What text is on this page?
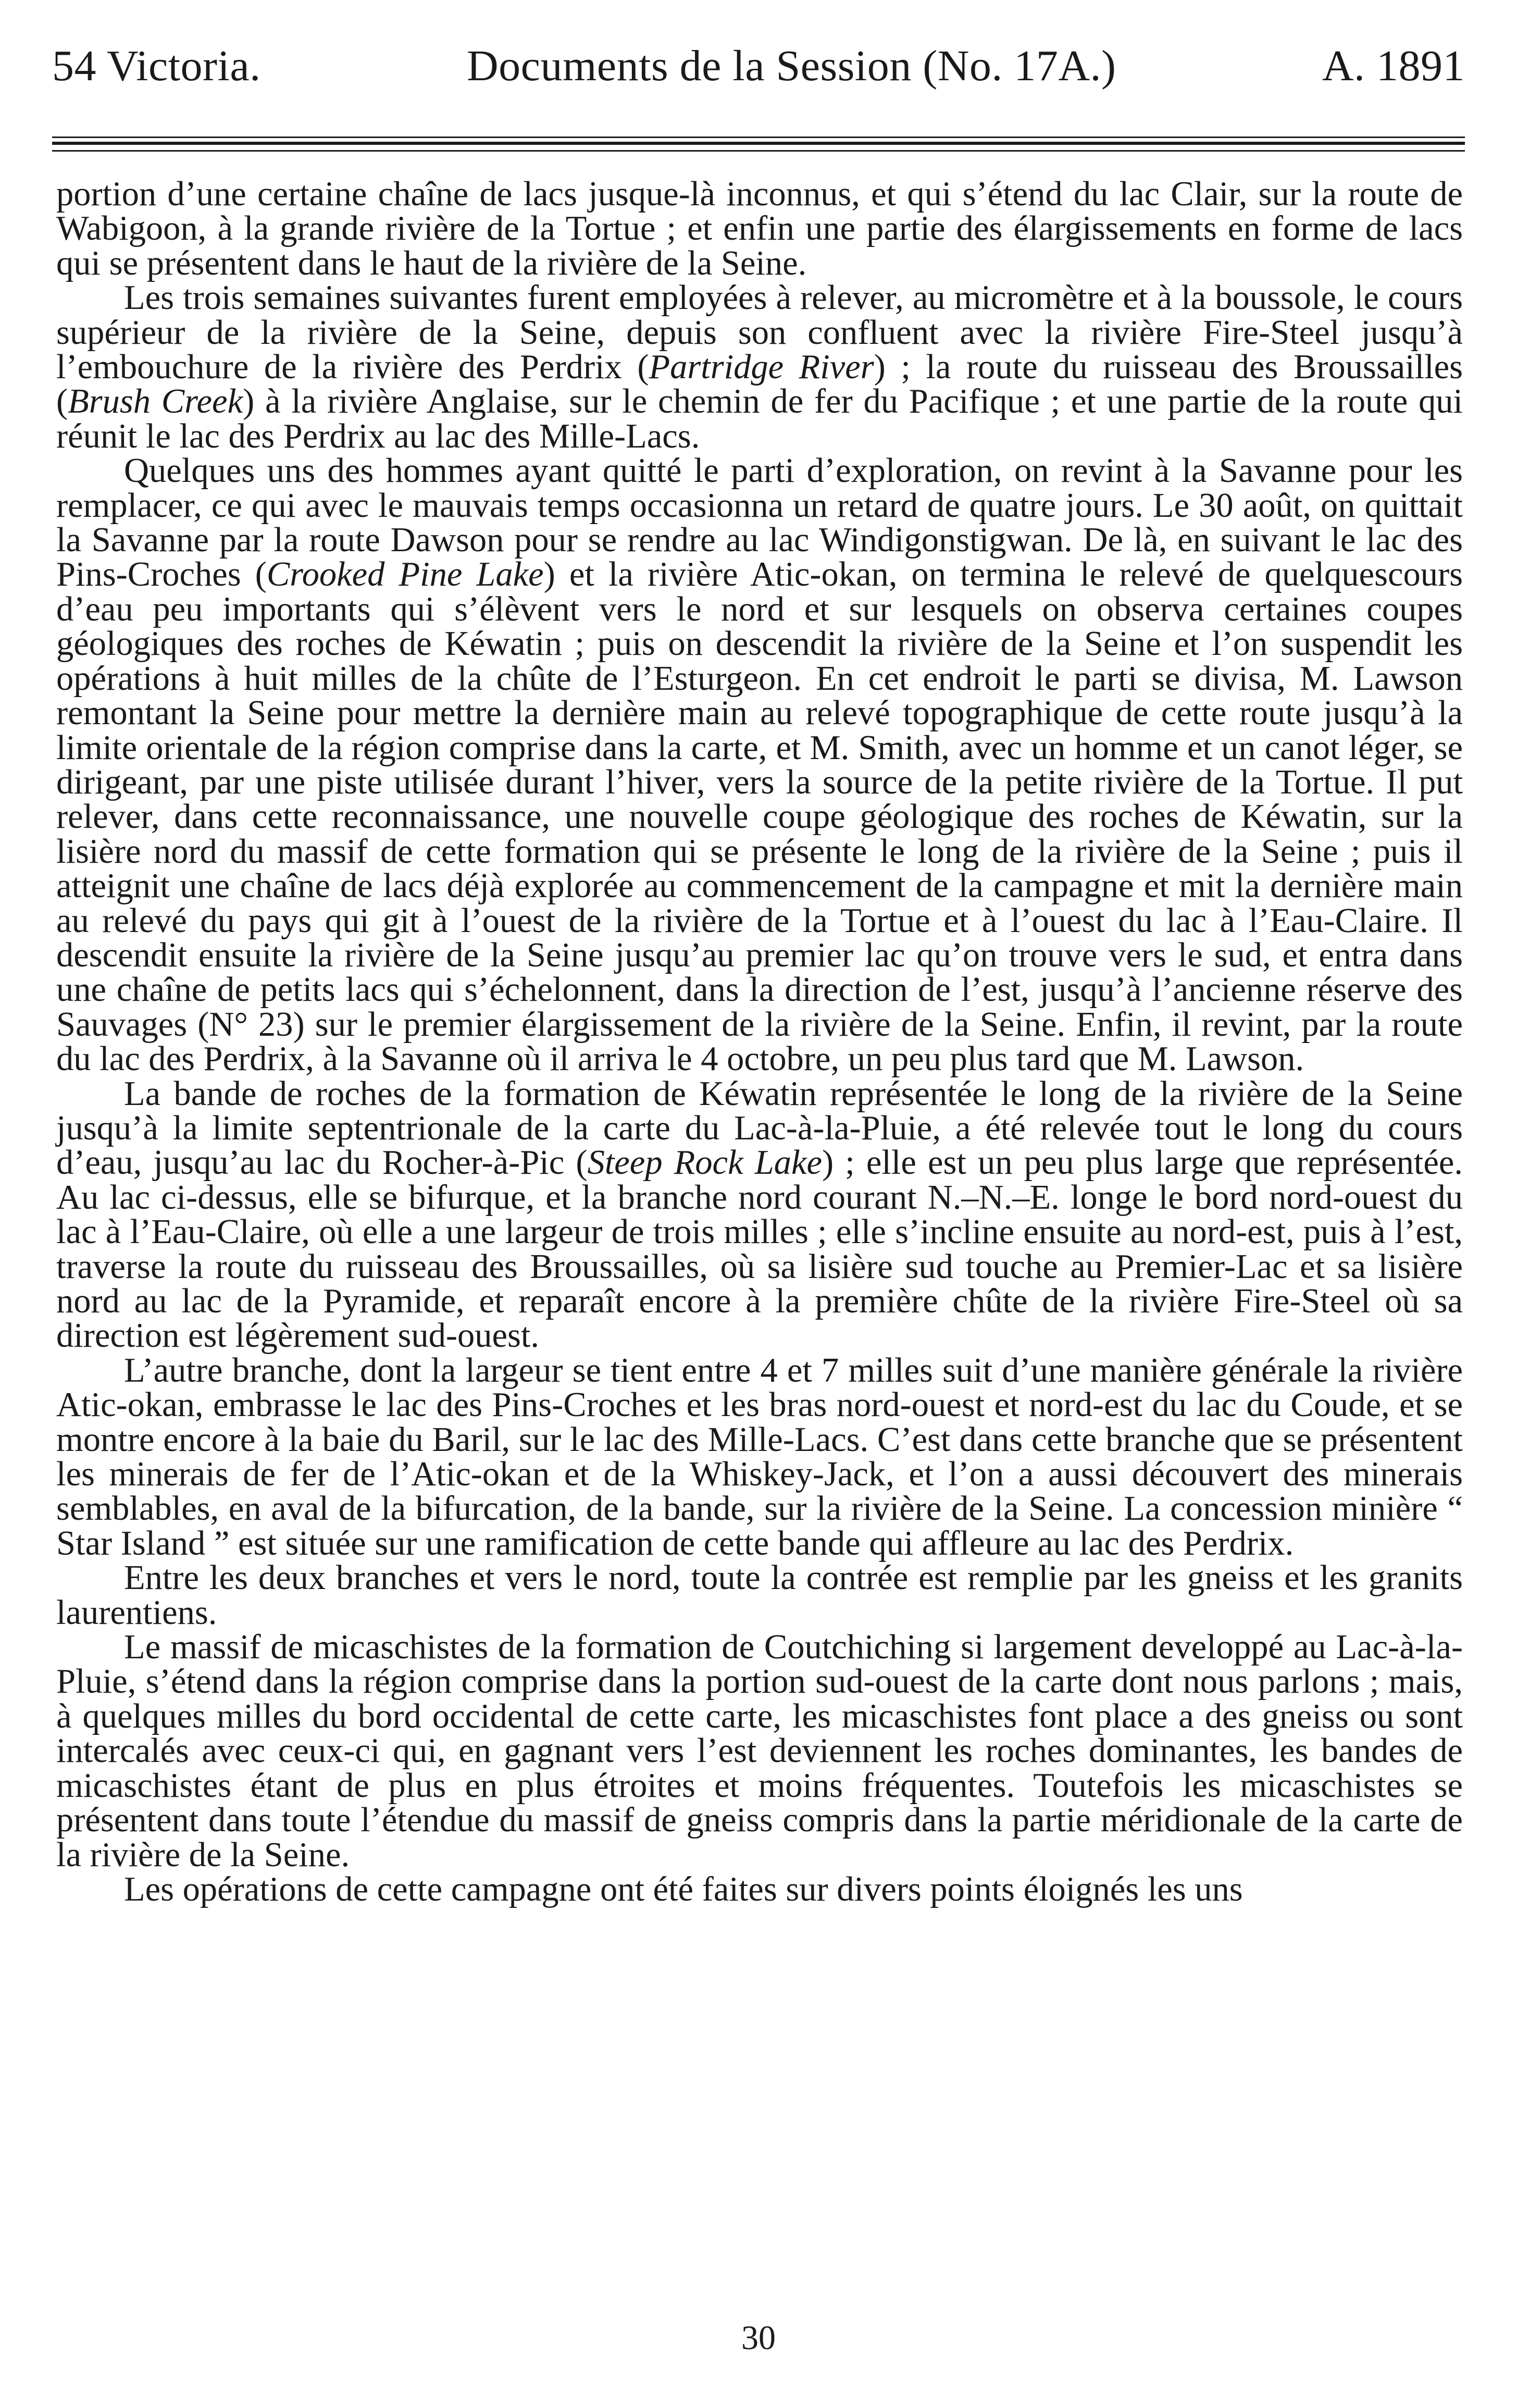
54 Victoria.	Documents de la Session (No. 17A.)	A. 1891

portion d’une certaine chaîne de lacs jusque-là inconnus, et qui s’étend du lac Clair, sur la route de Wabigoon, à la grande rivière de la Tortue ; et enfin une partie des élargissements en forme de lacs qui se présentent dans le haut de la rivière de la Seine.

Les trois semaines suivantes furent employées à relever, au micromètre et à la boussole, le cours supérieur de la rivière de la Seine, depuis son confluent avec la rivière Fire-Steel jusqu’à l’embouchure de la rivière des Perdrix (Partridge River) ; la route du ruisseau des Broussailles (Brush Creek) à la rivière Anglaise, sur le chemin de fer du Pacifique ; et une partie de la route qui réunit le lac des Perdrix au lac des Mille-Lacs.

Quelques uns des hommes ayant quitté le parti d’exploration, on revint à la Savanne pour les remplacer, ce qui avec le mauvais temps occasionna un retard de quatre jours. Le 30 août, on quittait la Savanne par la route Dawson pour se rendre au lac Windigonstigwan. De là, en suivant le lac des Pins-Croches (Crooked Pine Lake) et la rivière Atic-okan, on termina le relevé de quelquescours d’eau peu importants qui s’élèvent vers le nord et sur lesquels on observa certaines coupes géologiques des roches de Kéwatin ; puis on descendit la rivière de la Seine et l’on suspendit les opérations à huit milles de la chûte de l’Esturgeon. En cet endroit le parti se divisa, M. Lawson remontant la Seine pour mettre la dernière main au relevé topographique de cette route jusqu’à la limite orientale de la région comprise dans la carte, et M. Smith, avec un homme et un canot léger, se dirigeant, par une piste utilisée durant l’hiver, vers la source de la petite rivière de la Tortue. Il put relever, dans cette reconnaissance, une nouvelle coupe géologique des roches de Kéwatin, sur la lisière nord du massif de cette formation qui se présente le long de la rivière de la Seine ; puis il atteignit une chaîne de lacs déjà explorée au commencement de la campagne et mit la dernière main au relevé du pays qui git à l’ouest de la rivière de la Tortue et à l’ouest du lac à l’Eau-Claire. Il descendit ensuite la rivière de la Seine jusqu’au premier lac qu’on trouve vers le sud, et entra dans une chaîne de petits lacs qui s’échelonnent, dans la direction de l’est, jusqu’à l’ancienne réserve des Sauvages (N° 23) sur le premier élargissement de la rivière de la Seine. Enfin, il revint, par la route du lac des Perdrix, à la Savanne où il arriva le 4 octobre, un peu plus tard que M. Lawson.

La bande de roches de la formation de Kéwatin représentée le long de la rivière de la Seine jusqu’à la limite septentrionale de la carte du Lac-à-la-Pluie, a été relevée tout le long du cours d’eau, jusqu’au lac du Rocher-à-Pic (Steep Rock Lake) ; elle est un peu plus large que représentée. Au lac ci-dessus, elle se bifurque, et la branche nord courant N.–N.–E. longe le bord nord-ouest du lac à l’Eau-Claire, où elle a une largeur de trois milles ; elle s’incline ensuite au nord-est, puis à l’est, traverse la route du ruisseau des Broussailles, où sa lisière sud touche au Premier-Lac et sa lisière nord au lac de la Pyramide, et reparaît encore à la première chûte de la rivière Fire-Steel où sa direction est légèrement sud-ouest.

L’autre branche, dont la largeur se tient entre 4 et 7 milles suit d’une manière générale la rivière Atic-okan, embrasse le lac des Pins-Croches et les bras nord-ouest et nord-est du lac du Coude, et se montre encore à la baie du Baril, sur le lac des Mille-Lacs. C’est dans cette branche que se présentent les minerais de fer de l’Atic-okan et de la Whiskey-Jack, et l’on a aussi découvert des minerais semblables, en aval de la bifurcation, de la bande, sur la rivière de la Seine. La concession minière “ Star Island ” est située sur une ramification de cette bande qui affleure au lac des Perdrix.

Entre les deux branches et vers le nord, toute la contrée est remplie par les gneiss et les granits laurentiens.

Le massif de micaschistes de la formation de Coutchiching si largement developpé au Lac-à-la-Pluie, s’étend dans la région comprise dans la portion sud-ouest de la carte dont nous parlons ; mais, à quelques milles du bord occidental de cette carte, les micaschistes font place a des gneiss ou sont intercalés avec ceux-ci qui, en gagnant vers l’est deviennent les roches dominantes, les bandes de micaschistes étant de plus en plus étroites et moins fréquentes. Toutefois les micaschistes se présentent dans toute l’étendue du massif de gneiss compris dans la partie méridionale de la carte de la rivière de la Seine.

Les opérations de cette campagne ont été faites sur divers points éloignés les uns

30
